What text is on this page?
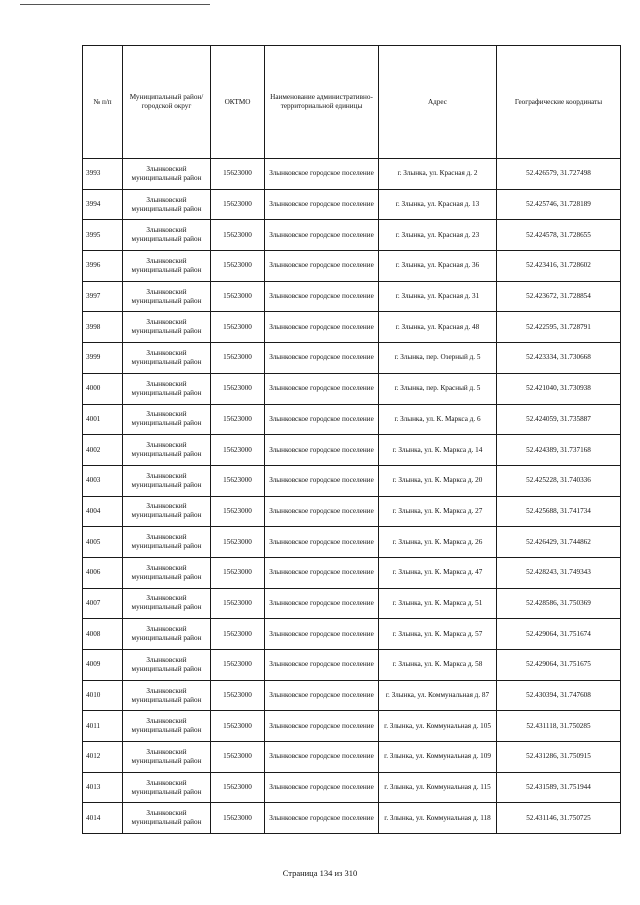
№ п/п	Муниципальный район/городской округ	ОКТМО	Наименование административно-территориальной единицы	Адрес	Географические координаты
3993	Злынковский муниципальный район	15623000	Злынковское городское поселение	г. Злынка, ул. Красная д. 2	52.426579, 31.727498
3994	Злынковский муниципальный район	15623000	Злынковское городское поселение	г. Злынка, ул. Красная д. 13	52.425746, 31.728189
3995	Злынковский муниципальный район	15623000	Злынковское городское поселение	г. Злынка, ул. Красная д. 23	52.424578, 31.728655
3996	Злынковский муниципальный район	15623000	Злынковское городское поселение	г. Злынка, ул. Красная д. 36	52.423416, 31.728602
3997	Злынковский муниципальный район	15623000	Злынковское городское поселение	г. Злынка, ул. Красная д. 31	52.423672, 31.728854
3998	Злынковский муниципальный район	15623000	Злынковское городское поселение	г. Злынка, ул. Красная д. 48	52.422595, 31.728791
3999	Злынковский муниципальный район	15623000	Злынковское городское поселение	г. Злынка, пер. Озерный д. 5	52.423334, 31.730668
4000	Злынковский муниципальный район	15623000	Злынковское городское поселение	г. Злынка, пер. Красный д. 5	52.421040, 31.730938
4001	Злынковский муниципальный район	15623000	Злынковское городское поселение	г. Злынка, ул. К. Маркса д. 6	52.424059, 31.735887
4002	Злынковский муниципальный район	15623000	Злынковское городское поселение	г. Злынка, ул. К. Маркса д. 14	52.424389, 31.737168
4003	Злынковский муниципальный район	15623000	Злынковское городское поселение	г. Злынка, ул. К. Маркса д. 20	52.425228, 31.740336
4004	Злынковский муниципальный район	15623000	Злынковское городское поселение	г. Злынка, ул. К. Маркса д. 27	52.425688, 31.741734
4005	Злынковский муниципальный район	15623000	Злынковское городское поселение	г. Злынка, ул. К. Маркса д. 26	52.426429, 31.744862
4006	Злынковский муниципальный район	15623000	Злынковское городское поселение	г. Злынка, ул. К. Маркса д. 47	52.428243, 31.749343
4007	Злынковский муниципальный район	15623000	Злынковское городское поселение	г. Злынка, ул. К. Маркса д. 51	52.428586, 31.750369
4008	Злынковский муниципальный район	15623000	Злынковское городское поселение	г. Злынка, ул. К. Маркса д. 57	52.429064, 31.751674
4009	Злынковский муниципальный район	15623000	Злынковское городское поселение	г. Злынка, ул. К. Маркса д. 58	52.429064, 31.751675
4010	Злынковский муниципальный район	15623000	Злынковское городское поселение	г. Злынка, ул. Коммунальная д. 87	52.430394, 31.747608
4011	Злынковский муниципальный район	15623000	Злынковское городское поселение	г. Злынка, ул. Коммунальная д. 105	52.431118, 31.750285
4012	Злынковский муниципальный район	15623000	Злынковское городское поселение	г. Злынка, ул. Коммунальная д. 109	52.431286, 31.750915
4013	Злынковский муниципальный район	15623000	Злынковское городское поселение	г. Злынка, ул. Коммунальная д. 115	52.431589, 31.751944
4014	Злынковский муниципальный район	15623000	Злынковское городское поселение	г. Злынка, ул. Коммунальная д. 118	52.431146, 31.750725
Страница 134 из 310
